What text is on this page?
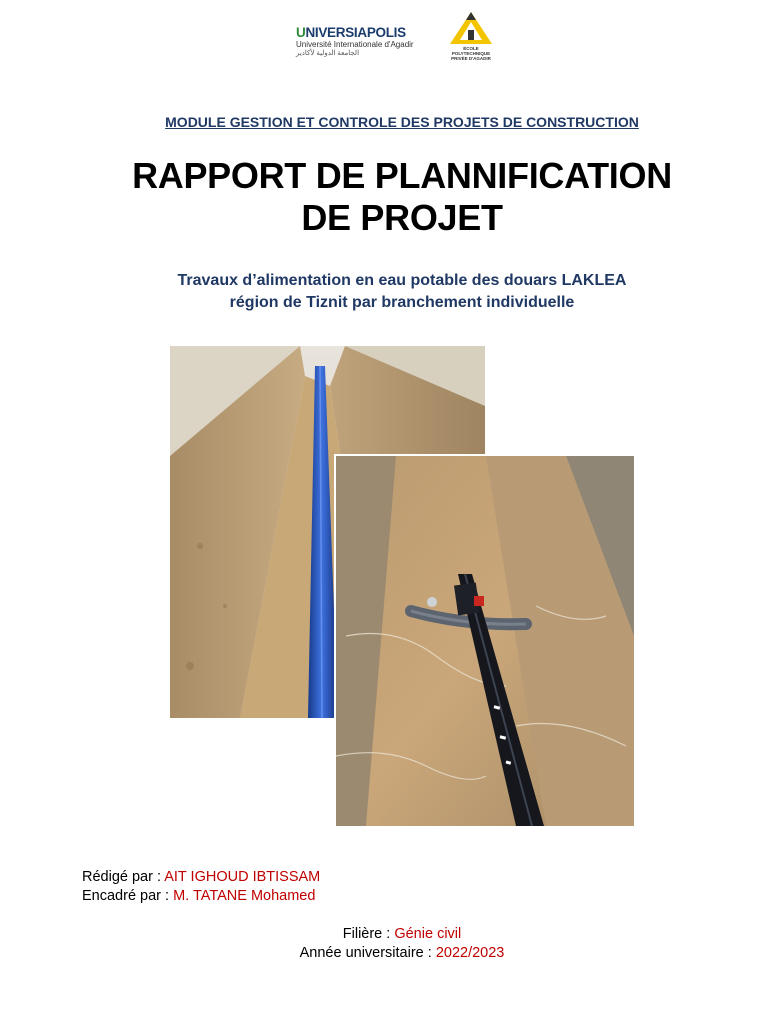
UNIVERSIAPOLIS
Université Internationale d'Agadir
الجامعة الدولية لأكادير
ÉCOLE
POLYTECHNIQUE
PRIVÉE D'AGADIR
MODULE GESTION ET CONTROLE DES PROJETS DE CONSTRUCTION
RAPPORT DE PLANNIFICATION
DE PROJET
Travaux d’alimentation en eau potable des douars LAKLEA
région de Tiznit par branchement individuelle
Rédigé par : AIT IGHOUD IBTISSAM
Encadré par : M. TATANE Mohamed
Filière : Génie civil
Année universitaire : 2022/2023
